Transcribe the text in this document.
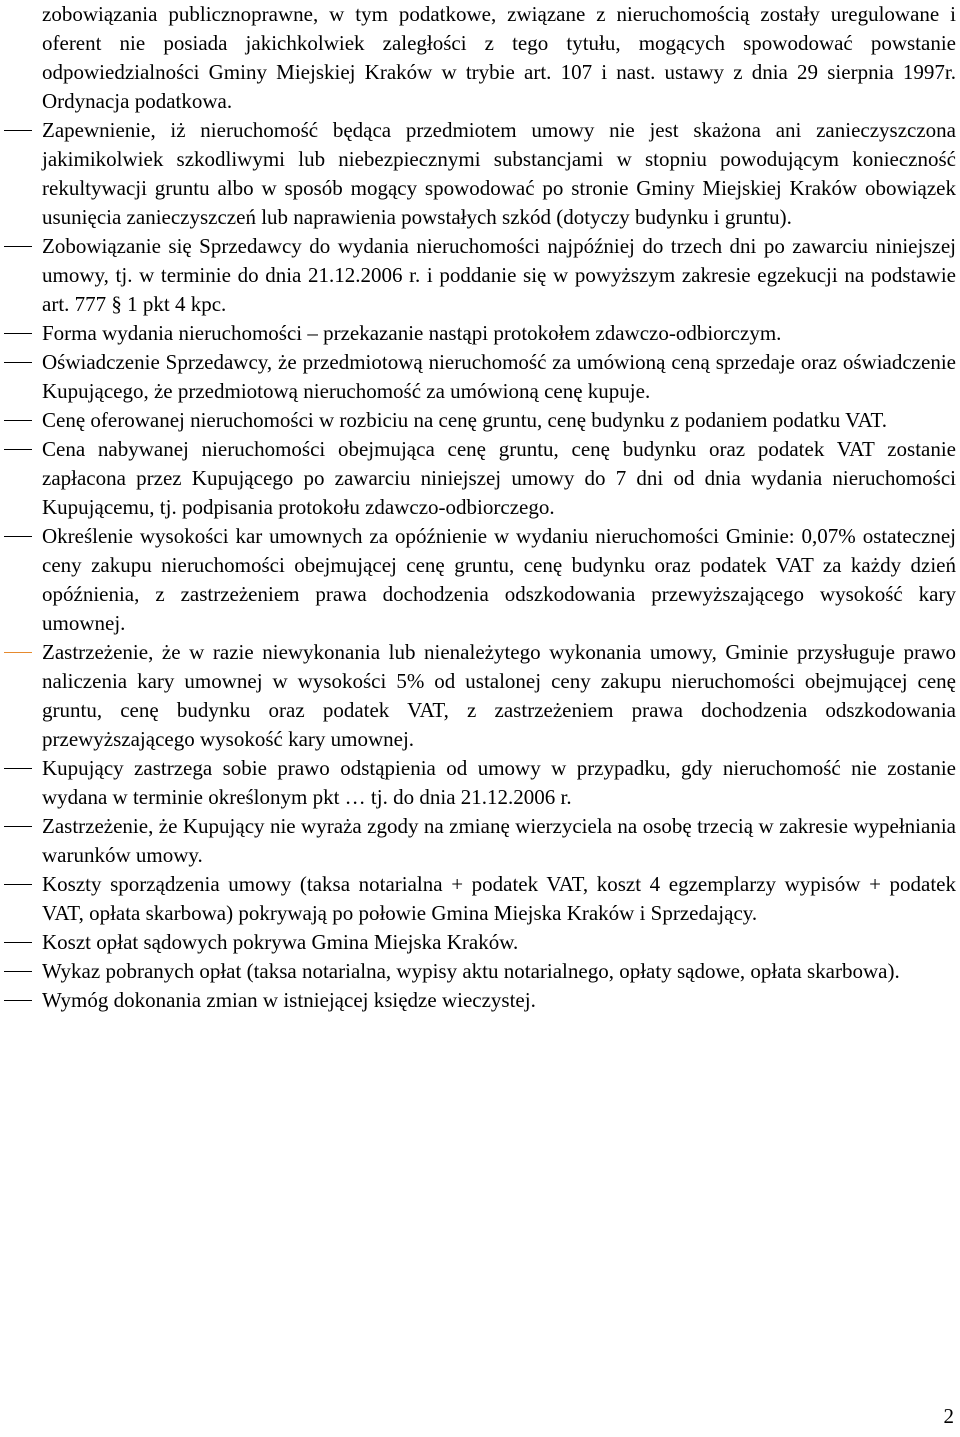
zobowiązania publicznoprawne, w tym podatkowe, związane z nieruchomością zostały uregulowane i oferent nie posiada jakichkolwiek zaległości z tego tytułu, mogących spowodować powstanie odpowiedzialności Gminy Miejskiej Kraków w trybie art. 107 i nast. ustawy z dnia 29 sierpnia 1997r. Ordynacja podatkowa.
Zapewnienie, iż nieruchomość będąca przedmiotem umowy nie jest skażona ani zanieczyszczona jakimikolwiek szkodliwymi lub niebezpiecznymi substancjami w stopniu powodującym konieczność rekultywacji gruntu albo w sposób mogący spowodować po stronie Gminy Miejskiej Kraków obowiązek usunięcia zanieczyszczeń lub naprawienia powstałych szkód (dotyczy budynku i gruntu).
Zobowiązanie się Sprzedawcy do wydania nieruchomości najpóźniej do trzech dni po zawarciu niniejszej umowy, tj. w terminie do dnia 21.12.2006 r. i poddanie się w powyższym zakresie egzekucji na podstawie art. 777 § 1 pkt 4 kpc.
Forma wydania nieruchomości – przekazanie nastąpi protokołem zdawczo-odbiorczym.
Oświadczenie Sprzedawcy, że przedmiotową nieruchomość za umówioną ceną sprzedaje oraz oświadczenie Kupującego, że przedmiotową nieruchomość za umówioną cenę kupuje.
Cenę oferowanej nieruchomości w rozbiciu na cenę gruntu, cenę budynku z podaniem podatku VAT.
Cena nabywanej nieruchomości obejmująca cenę gruntu, cenę budynku oraz podatek VAT zostanie zapłacona przez Kupującego po zawarciu niniejszej umowy do 7 dni od dnia wydania nieruchomości Kupującemu, tj. podpisania protokołu zdawczo-odbiorczego.
Określenie wysokości kar umownych za opóźnienie w wydaniu nieruchomości Gminie: 0,07% ostatecznej ceny zakupu nieruchomości obejmującej cenę gruntu, cenę budynku oraz podatek VAT za każdy dzień opóźnienia, z zastrzeżeniem prawa dochodzenia odszkodowania przewyższającego wysokość kary umownej.
Zastrzeżenie, że w razie niewykonania lub nienależytego wykonania umowy, Gminie przysługuje prawo naliczenia kary umownej w wysokości 5% od ustalonej ceny zakupu nieruchomości obejmującej cenę gruntu, cenę budynku oraz podatek VAT, z zastrzeżeniem prawa dochodzenia odszkodowania przewyższającego wysokość kary umownej.
Kupujący zastrzega sobie prawo odstąpienia od umowy w przypadku, gdy nieruchomość nie zostanie wydana w terminie określonym pkt … tj. do dnia 21.12.2006 r.
Zastrzeżenie, że Kupujący nie wyraża zgody na zmianę wierzyciela na osobę trzecią w zakresie wypełniania warunków umowy.
Koszty sporządzenia umowy (taksa notarialna + podatek VAT, koszt 4 egzemplarzy wypisów + podatek VAT, opłata skarbowa) pokrywają po połowie Gmina Miejska Kraków i Sprzedający.
Koszt opłat sądowych pokrywa Gmina Miejska Kraków.
Wykaz pobranych opłat (taksa notarialna, wypisy aktu notarialnego, opłaty sądowe, opłata skarbowa).
Wymóg dokonania zmian w istniejącej księdze wieczystej.
2
